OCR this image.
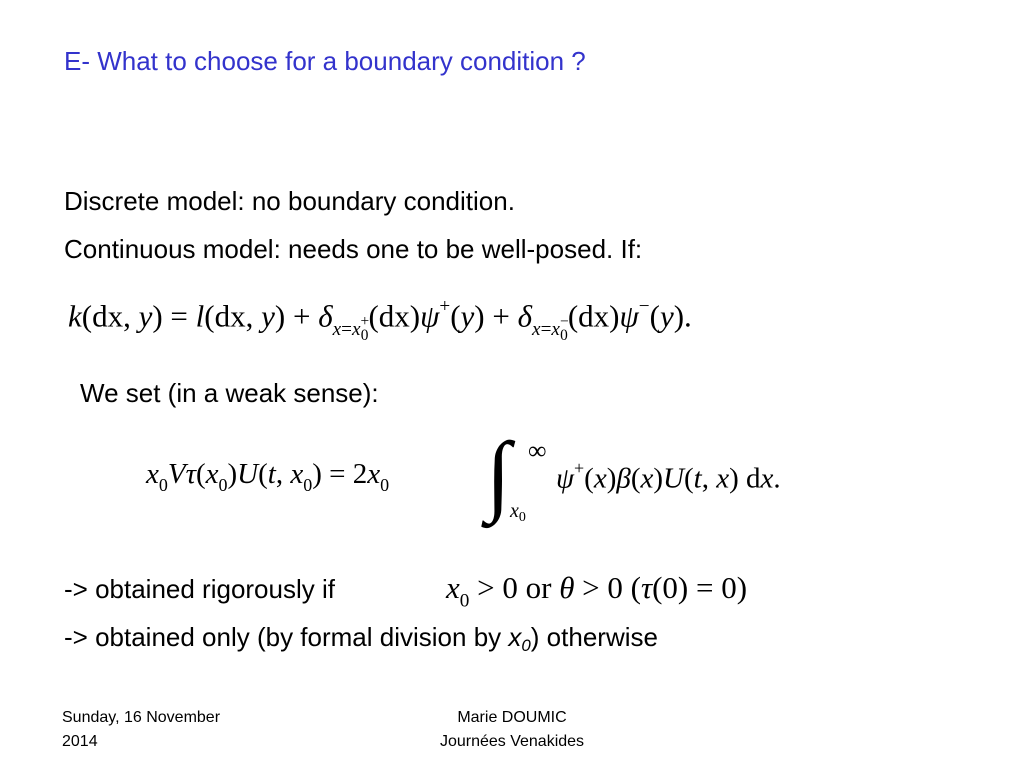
E- What to choose for a boundary condition ?
Discrete model: no boundary condition.
Continuous model: needs one to be well-posed. If:
k(dx, y) = l(dx, $y) + \delta_{x=x^+_0}(dx)\psi^+(y) + \delta_{x=x^-_0}(dx)\psi^-(y)$.
We set (in a weak sense):
$x_0V\tau(x_0)U(t$, $x_0) = 2x_0$ ∫ ∞
$x_0$
ψ+(x)β(x)U(t, x) dx.
-> obtained rigorously if	$x_0 > 0$ or θ > 0 (τ(0) = 0)
-> obtained only (by formal division by x0) otherwise
Sunday, 16 November
2014
Marie DOUMIC
Journées Venakides
